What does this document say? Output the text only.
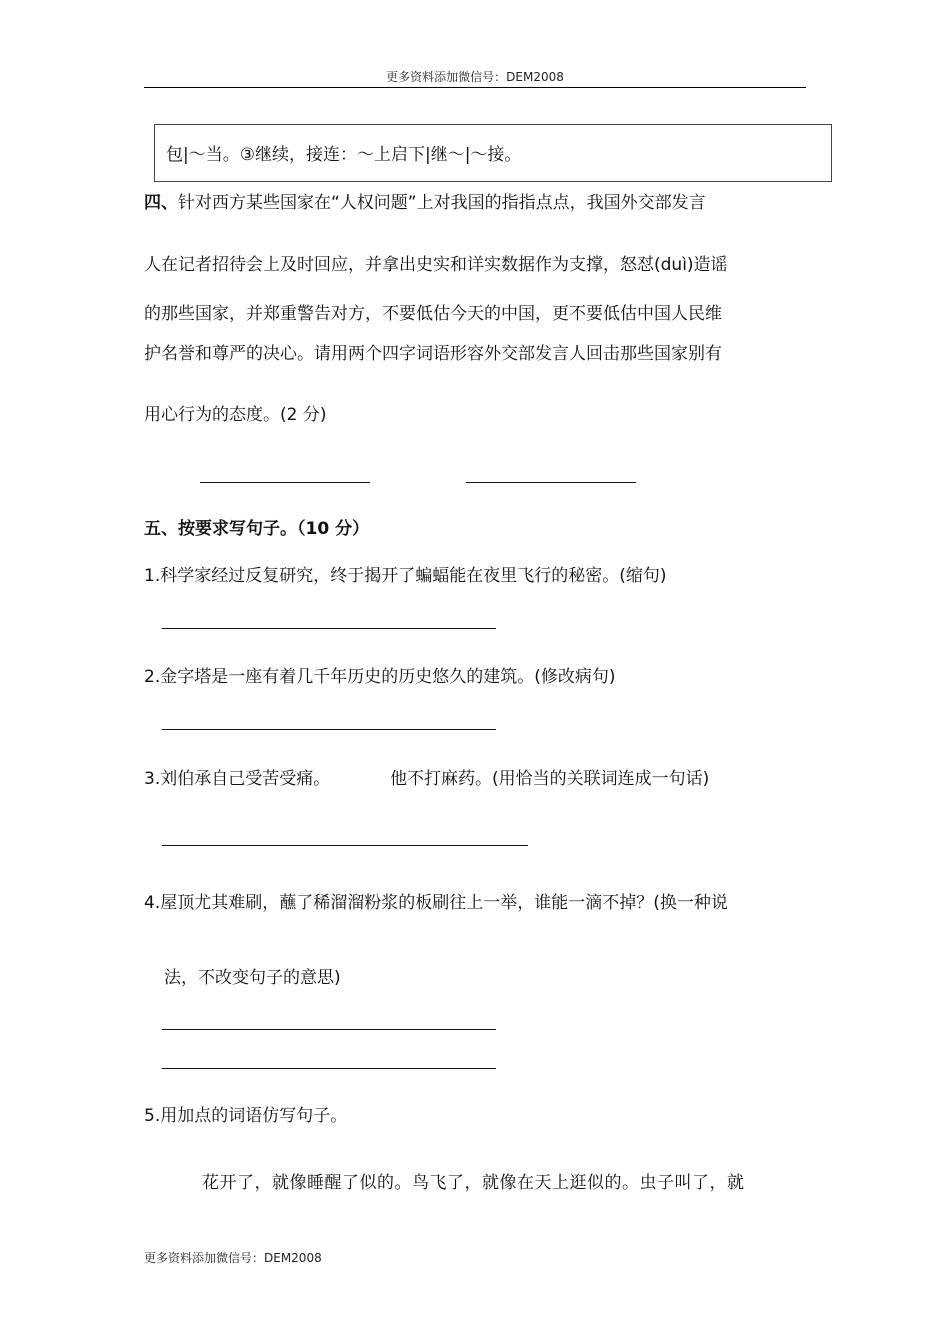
更多资料添加微信号：DEM2008
包|～当。③继续，接连：～上启下|继～|～接。
四、针对西方某些国家在“人权问题”上对我国的指指点点，我国外交部发言
人在记者招待会上及时回应，并拿出史实和详实数据作为支撑，怒怼(duì)造谣
的那些国家，并郑重警告对方，不要低估今天的中国，更不要低估中国人民维
护名誉和尊严的决心。请用两个四字词语形容外交部发言人回击那些国家别有
用心行为的态度。(2 分)
五、按要求写句子。（10 分）
1.科学家经过反复研究，终于揭开了蝙蝠能在夜里飞行的秘密。(缩句)
2.金字塔是一座有着几千年历史的历史悠久的建筑。(修改病句)
3.刘伯承自己受苦受痛。	他不打麻药。(用恰当的关联词连成一句话)
4.屋顶尤其难刷，蘸了稀溜溜粉浆的板刷往上一举，谁能一滴不掉？(换一种说
法，不改变句子的意思)
5.用加点的词语仿写句子。
花开了，就像睡醒了似的。鸟飞了，就像在天上逛似的。虫子叫了，就
更多资料添加微信号：DEM2008
